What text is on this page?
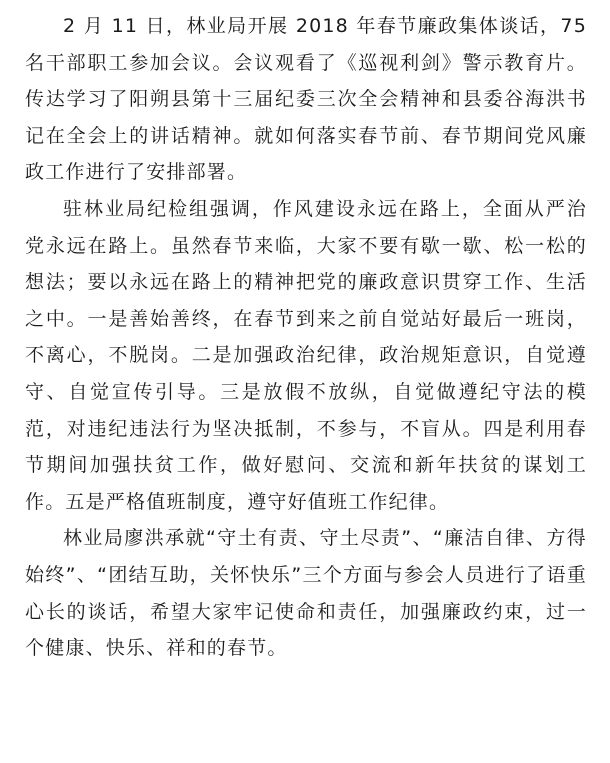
2 月 11 日，林业局开展 2018 年春节廉政集体谈话，75 名干部职工参加会议。会议观看了《巡视利剑》警示教育片。传达学习了阳朔县第十三届纪委三次全会精神和县委谷海洪书记在全会上的讲话精神。就如何落实春节前、春节期间党风廉政工作进行了安排部署。

驻林业局纪检组强调，作风建设永远在路上，全面从严治党永远在路上。虽然春节来临，大家不要有歇一歇、松一松的想法；要以永远在路上的精神把党的廉政意识贯穿工作、生活之中。一是善始善终，在春节到来之前自觉站好最后一班岗，不离心，不脱岗。二是加强政治纪律，政治规矩意识，自觉遵守、自觉宣传引导。三是放假不放纵，自觉做遵纪守法的模范，对违纪违法行为坚决抵制，不参与，不盲从。四是利用春节期间加强扶贫工作，做好慰问、交流和新年扶贫的谋划工作。五是严格值班制度，遵守好值班工作纪律。

林业局廖洪承就“守土有责、守土尽责”、“廉洁自律、方得始终”、“团结互助，关怀快乐”三个方面与参会人员进行了语重心长的谈话，希望大家牢记使命和责任，加强廉政约束，过一个健康、快乐、祥和的春节。
